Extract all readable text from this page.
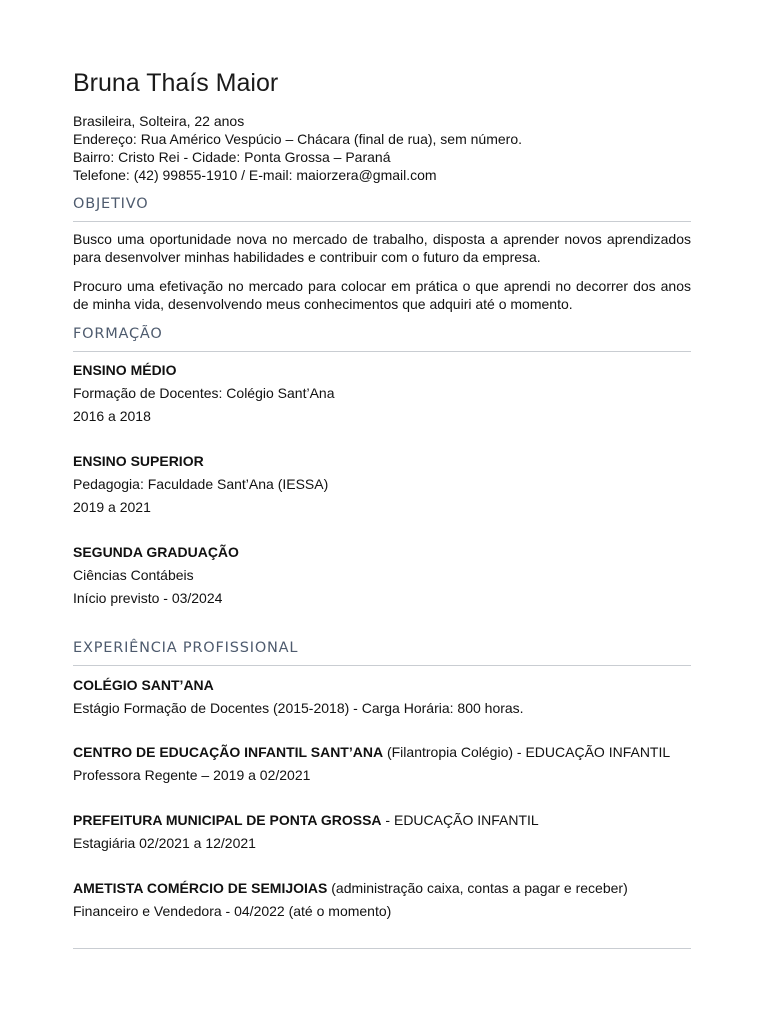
Bruna Thaís Maior
Brasileira, Solteira, 22 anos
Endereço: Rua Américo Vespúcio – Chácara (final de rua), sem número.
Bairro: Cristo Rei - Cidade: Ponta Grossa – Paraná
Telefone: (42) 99855-1910 / E-mail: maiorzera@gmail.com
OBJETIVO

Busco uma oportunidade nova no mercado de trabalho, disposta a aprender novos aprendizados para desenvolver minhas habilidades e contribuir com o futuro da empresa.

Procuro uma efetivação no mercado para colocar em prática o que aprendi no decorrer dos anos de minha vida, desenvolvendo meus conhecimentos que adquiri até o momento.

FORMAÇÃO
ENSINO MÉDIO
Formação de Docentes: Colégio Sant’Ana
2016 a 2018
ENSINO SUPERIOR
Pedagogia: Faculdade Sant’Ana (IESSA)
2019 a 2021
SEGUNDA GRADUAÇÃO
Ciências Contábeis
Início previsto - 03/2024
EXPERIÊNCIA PROFISSIONAL
COLÉGIO SANT’ANA
Estágio Formação de Docentes (2015-2018) - Carga Horária: 800 horas.
CENTRO DE EDUCAÇÃO INFANTIL SANT’ANA (Filantropia Colégio) - EDUCAÇÃO INFANTIL
Professora Regente – 2019 a 02/2021
PREFEITURA MUNICIPAL DE PONTA GROSSA - EDUCAÇÃO INFANTIL
Estagiária 02/2021 a 12/2021
AMETISTA COMÉRCIO DE SEMIJOIAS (administração caixa, contas a pagar e receber)
Financeiro e Vendedora - 04/2022 (até o momento)
